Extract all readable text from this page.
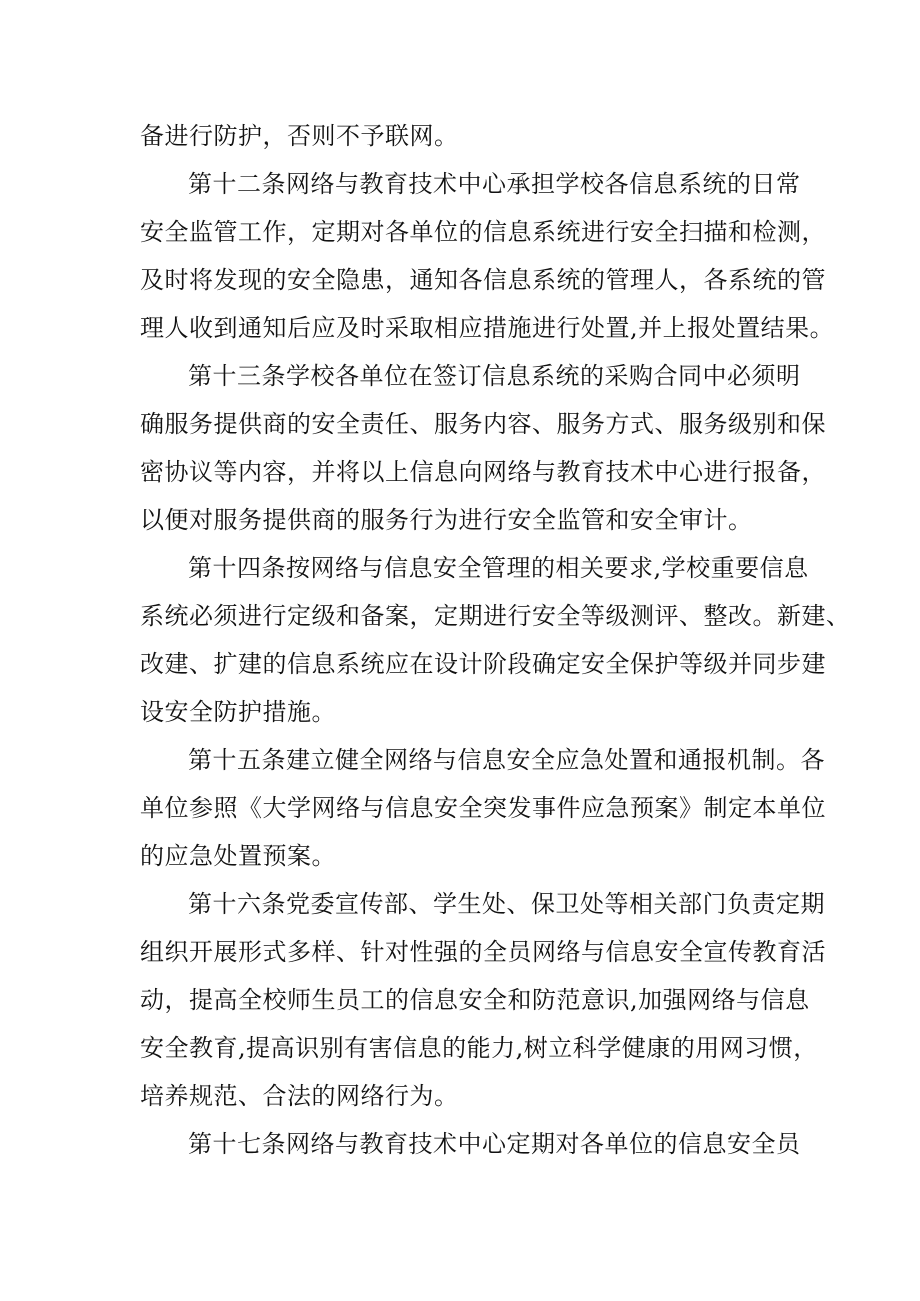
备进行防护，否则不予联网。
第十二条网络与教育技术中心承担学校各信息系统的日常
安全监管工作，定期对各单位的信息系统进行安全扫描和检测，
及时将发现的安全隐患，通知各信息系统的管理人，各系统的管
理人收到通知后应及时采取相应措施进行处置,并上报处置结果。
第十三条学校各单位在签订信息系统的采购合同中必须明
确服务提供商的安全责任、服务内容、服务方式、服务级别和保
密协议等内容，并将以上信息向网络与教育技术中心进行报备，
以便对服务提供商的服务行为进行安全监管和安全审计。
第十四条按网络与信息安全管理的相关要求,学校重要信息
系统必须进行定级和备案，定期进行安全等级测评、整改。新建、
改建、扩建的信息系统应在设计阶段确定安全保护等级并同步建
设安全防护措施。
第十五条建立健全网络与信息安全应急处置和通报机制。各
单位参照《大学网络与信息安全突发事件应急预案》制定本单位
的应急处置预案。
第十六条党委宣传部、学生处、保卫处等相关部门负责定期
组织开展形式多样、针对性强的全员网络与信息安全宣传教育活
动，提高全校师生员工的信息安全和防范意识,加强网络与信息
安全教育,提高识别有害信息的能力,树立科学健康的用网习惯，
培养规范、合法的网络行为。
第十七条网络与教育技术中心定期对各单位的信息安全员
